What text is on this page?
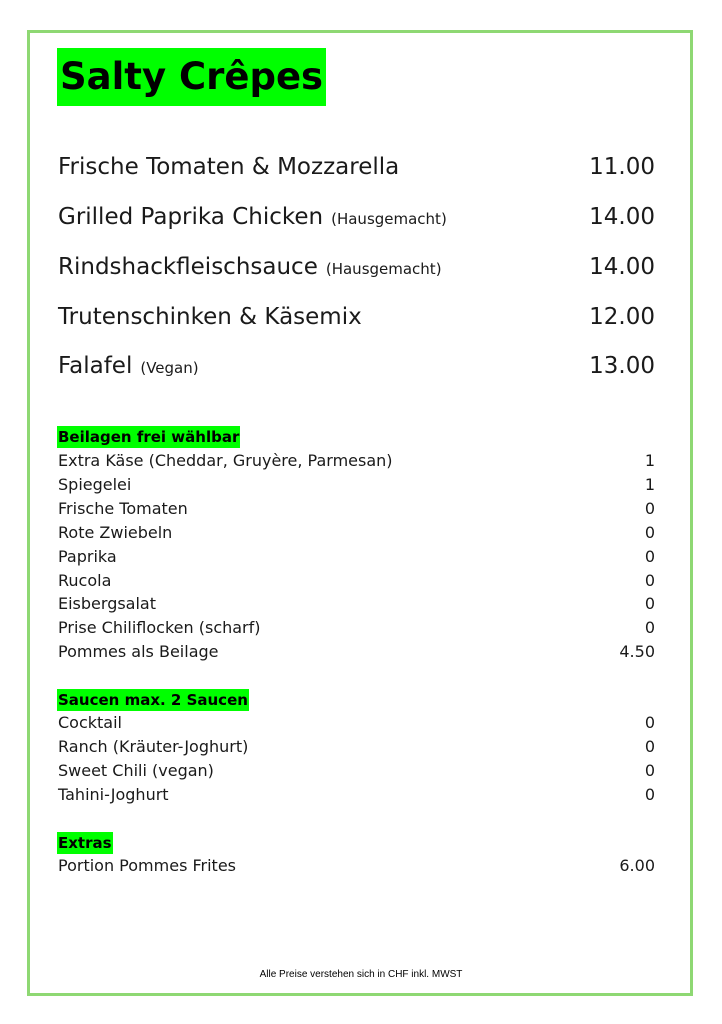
Salty Crêpes
Frische Tomaten & Mozzarella	11.00
Grilled Paprika Chicken (Hausgemacht)	14.00
Rindshackfleischsauce (Hausgemacht)	14.00
Trutenschinken & Käsemix	12.00
Falafel (Vegan)	13.00
Beilagen frei wählbar
Extra Käse (Cheddar, Gruyère, Parmesan)	1
Spiegelei	1
Frische Tomaten	0
Rote Zwiebeln	0
Paprika	0
Rucola	0
Eisbergsalat	0
Prise Chiliflocken (scharf)	0
Pommes als Beilage	4.50
Saucen max. 2 Saucen
Cocktail	0
Ranch (Kräuter-Joghurt)	0
Sweet Chili (vegan)	0
Tahini-Joghurt	0
Extras
Portion Pommes Frites	6.00
Alle Preise verstehen sich in CHF inkl. MWST
